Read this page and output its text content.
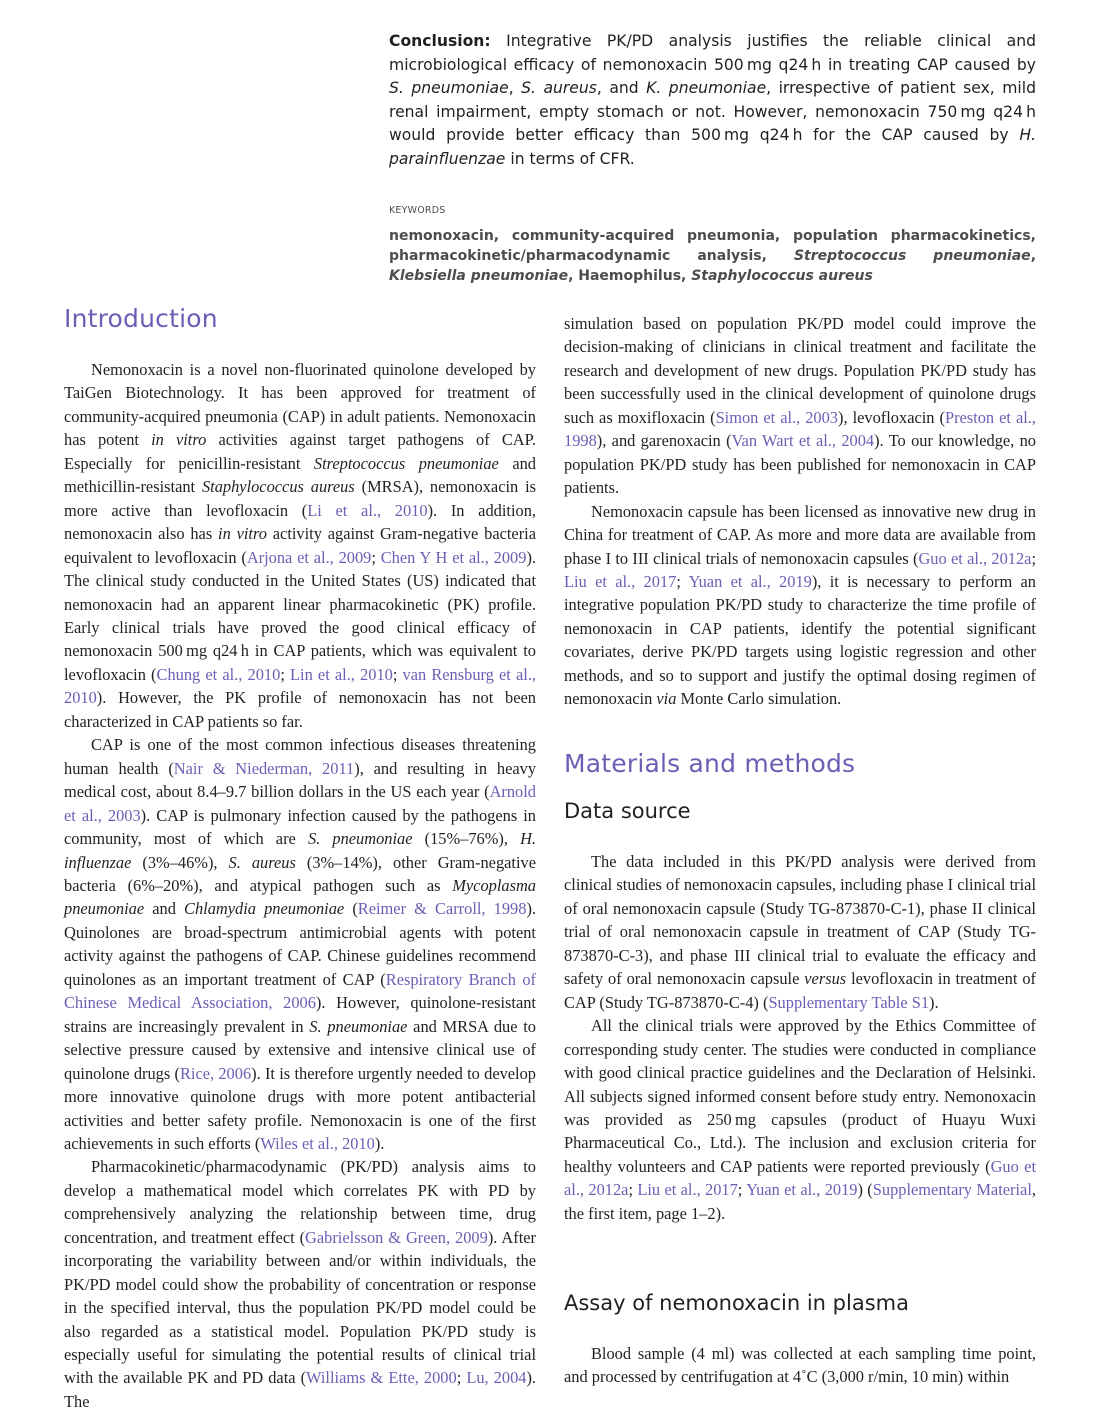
Conclusion: Integrative PK/PD analysis justifies the reliable clinical and microbiological efficacy of nemonoxacin 500 mg q24 h in treating CAP caused by S. pneumoniae, S. aureus, and K. pneumoniae, irrespective of patient sex, mild renal impairment, empty stomach or not. However, nemonoxacin 750 mg q24 h would provide better efficacy than 500 mg q24 h for the CAP caused by H. parainfluenzae in terms of CFR.
KEYWORDS
nemonoxacin, community-acquired pneumonia, population pharmacokinetics, pharmacokinetic/pharmacodynamic analysis, Streptococcus pneumoniae, Klebsiella pneumoniae, Haemophilus, Staphylococcus aureus
Introduction

Nemonoxacin is a novel non-fluorinated quinolone developed by TaiGen Biotechnology. It has been approved for treatment of community-acquired pneumonia (CAP) in adult patients. Nemonoxacin has potent in vitro activities against target pathogens of CAP. Especially for penicillin-resistant Streptococcus pneumoniae and methicillin-resistant Staphylococcus aureus (MRSA), nemonoxacin is more active than levofloxacin (Li et al., 2010). In addition, nemonoxacin also has in vitro activity against Gram-negative bacteria equivalent to levofloxacin (Arjona et al., 2009; Chen Y H et al., 2009). The clinical study conducted in the United States (US) indicated that nemonoxacin had an apparent linear pharmacokinetic (PK) profile. Early clinical trials have proved the good clinical efficacy of nemonoxacin 500 mg q24 h in CAP patients, which was equivalent to levofloxacin (Chung et al., 2010; Lin et al., 2010; van Rensburg et al., 2010). However, the PK profile of nemonoxacin has not been characterized in CAP patients so far.

CAP is one of the most common infectious diseases threatening human health (Nair & Niederman, 2011), and resulting in heavy medical cost, about 8.4–9.7 billion dollars in the US each year (Arnold et al., 2003). CAP is pulmonary infection caused by the pathogens in community, most of which are S. pneumoniae (15%–76%), H. influenzae (3%–46%), S. aureus (3%–14%), other Gram-negative bacteria (6%–20%), and atypical pathogen such as Mycoplasma pneumoniae and Chlamydia pneumoniae (Reimer & Carroll, 1998). Quinolones are broad-spectrum antimicrobial agents with potent activity against the pathogens of CAP. Chinese guidelines recommend quinolones as an important treatment of CAP (Respiratory Branch of Chinese Medical Association, 2006). However, quinolone-resistant strains are increasingly prevalent in S. pneumoniae and MRSA due to selective pressure caused by extensive and intensive clinical use of quinolone drugs (Rice, 2006). It is therefore urgently needed to develop more innovative quinolone drugs with more potent antibacterial activities and better safety profile. Nemonoxacin is one of the first achievements in such efforts (Wiles et al., 2010).

Pharmacokinetic/pharmacodynamic (PK/PD) analysis aims to develop a mathematical model which correlates PK with PD by comprehensively analyzing the relationship between time, drug concentration, and treatment effect (Gabrielsson & Green, 2009). After incorporating the variability between and/or within individuals, the PK/PD model could show the probability of concentration or response in the specified interval, thus the population PK/PD model could be also regarded as a statistical model. Population PK/PD study is especially useful for simulating the potential results of clinical trial with the available PK and PD data (Williams & Ette, 2000; Lu, 2004). The

simulation based on population PK/PD model could improve the decision-making of clinicians in clinical treatment and facilitate the research and development of new drugs. Population PK/PD study has been successfully used in the clinical development of quinolone drugs such as moxifloxacin (Simon et al., 2003), levofloxacin (Preston et al., 1998), and garenoxacin (Van Wart et al., 2004). To our knowledge, no population PK/PD study has been published for nemonoxacin in CAP patients.

Nemonoxacin capsule has been licensed as innovative new drug in China for treatment of CAP. As more and more data are available from phase I to III clinical trials of nemonoxacin capsules (Guo et al., 2012a; Liu et al., 2017; Yuan et al., 2019), it is necessary to perform an integrative population PK/PD study to characterize the time profile of nemonoxacin in CAP patients, identify the potential significant covariates, derive PK/PD targets using logistic regression and other methods, and so to support and justify the optimal dosing regimen of nemonoxacin via Monte Carlo simulation.

Materials and methods
Data source

The data included in this PK/PD analysis were derived from clinical studies of nemonoxacin capsules, including phase I clinical trial of oral nemonoxacin capsule (Study TG-873870-C-1), phase II clinical trial of oral nemonoxacin capsule in treatment of CAP (Study TG-873870-C-3), and phase III clinical trial to evaluate the efficacy and safety of oral nemonoxacin capsule versus levofloxacin in treatment of CAP (Study TG-873870-C-4) (Supplementary Table S1).

All the clinical trials were approved by the Ethics Committee of corresponding study center. The studies were conducted in compliance with good clinical practice guidelines and the Declaration of Helsinki. All subjects signed informed consent before study entry. Nemonoxacin was provided as 250 mg capsules (product of Huayu Wuxi Pharmaceutical Co., Ltd.). The inclusion and exclusion criteria for healthy volunteers and CAP patients were reported previously (Guo et al., 2012a; Liu et al., 2017; Yuan et al., 2019) (Supplementary Material, the first item, page 1–2).

Assay of nemonoxacin in plasma

Blood sample (4 ml) was collected at each sampling time point, and processed by centrifugation at 4˚C (3,000 r/min, 10 min) within
